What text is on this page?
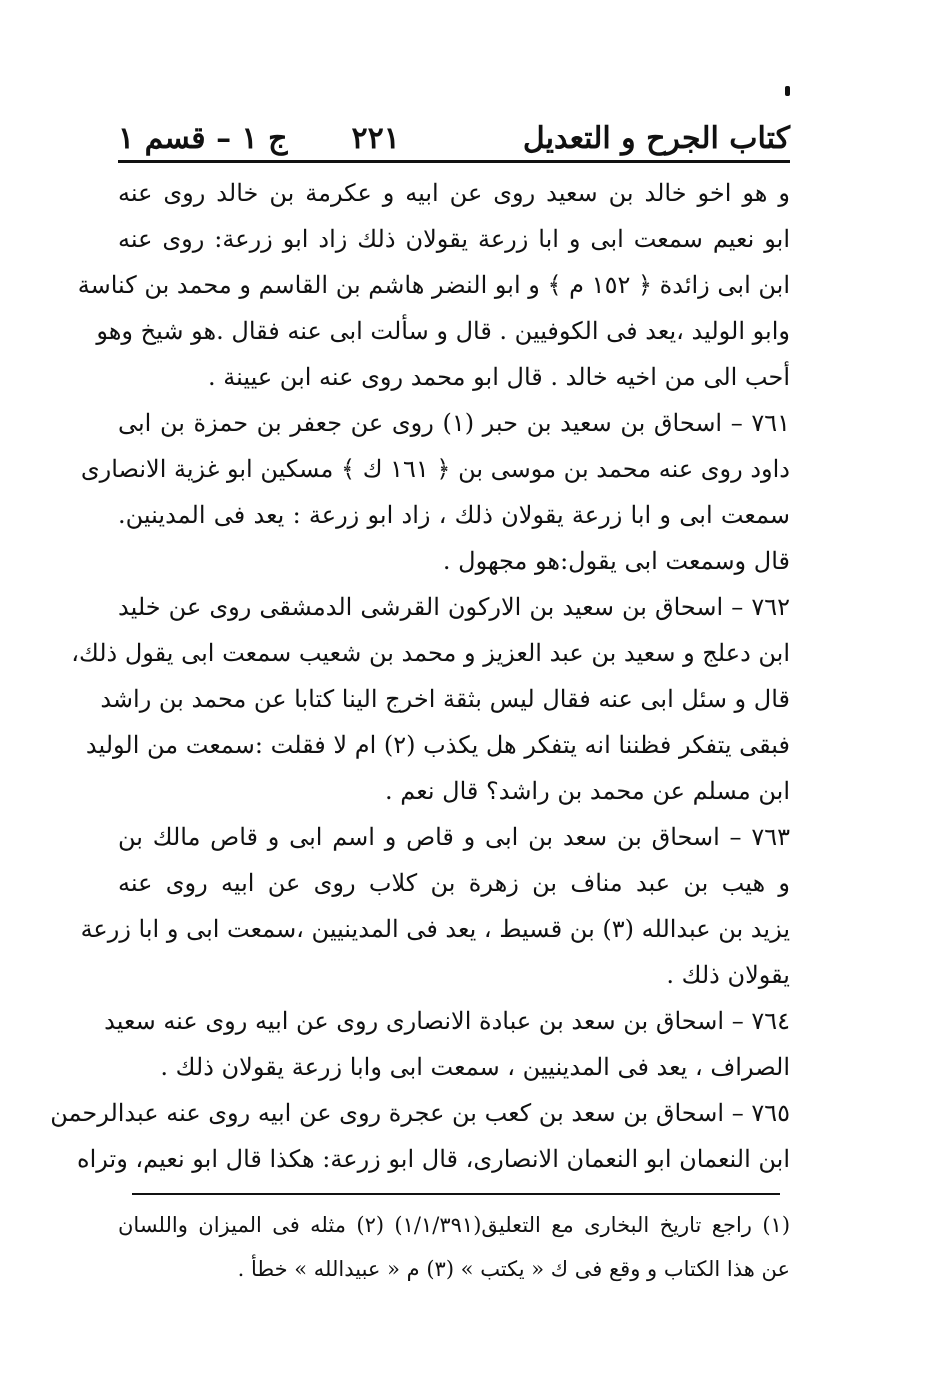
كتاب الجرح و التعديل
٢٢١
ج ١ – قسم ١
و هو اخو خالد بن سعيد روى عن ابيه و عكرمة بن خالد روى عنه
ابو نعيم سمعت ابى و ابا زرعة يقولان ذلك زاد ابو زرعة: روى عنه
ابن ابى زائدة ﴿ ١٥٢ م ﴾ و ابو النضر هاشم بن القاسم و محمد بن كناسة
وابو الوليد ،يعد فى الكوفيين . قال و سألت ابى عنه فقال .هو شيخ وهو
أحب الى من اخيه خالد . قال ابو محمد روى عنه ابن عيينة .
٧٦١ – اسحاق بن سعيد بن حبر (١) روى عن جعفر بن حمزة بن ابى
داود روى عنه محمد بن موسى بن ﴿ ١٦١ ك ﴾ مسكين ابو غزية الانصارى
سمعت ابى و ابا زرعة يقولان ذلك ، زاد ابو زرعة : يعد فى المدينين.
قال وسمعت ابى يقول:هو مجهول .
٧٦٢ – اسحاق بن سعيد بن الاركون القرشى الدمشقى روى عن خليد
ابن دعلج و سعيد بن عبد العزيز و محمد بن شعيب سمعت ابى يقول ذلك،
قال و سئل ابى عنه فقال ليس بثقة اخرج الينا كتابا عن محمد بن راشد
فبقى يتفكر فظننا انه يتفكر هل يكذب (٢) ام لا فقلت :سمعت من الوليد
ابن مسلم عن محمد بن راشد؟ قال نعم .
٧٦٣ – اسحاق بن سعد بن ابى و قاص و اسم ابى و قاص مالك بن
و هيب بن عبد مناف بن زهرة بن كلاب روى عن ابيه روى عنه
يزيد بن عبدالله (٣) بن قسيط ، يعد فى المدينيين ،سمعت ابى و ابا زرعة
يقولان ذلك .
٧٦٤ – اسحاق بن سعد بن عبادة الانصارى روى عن ابيه روى عنه سعيد
الصراف ، يعد فى المدينيين ، سمعت ابى وابا زرعة يقولان ذلك .
٧٦٥ – اسحاق بن سعد بن كعب بن عجرة روى عن ابيه روى عنه عبدالرحمن
ابن النعمان ابو النعمان الانصارى، قال ابو زرعة: هكذا قال ابو نعيم، وتراه
(١) راجع تاريخ البخارى مع التعليق(١/١/٣٩١) (٢) مثله فى الميزان واللسان
عن هذا الكتاب و وقع فى ك « يكتب » (٣) م « عبيدالله » خطأ .
